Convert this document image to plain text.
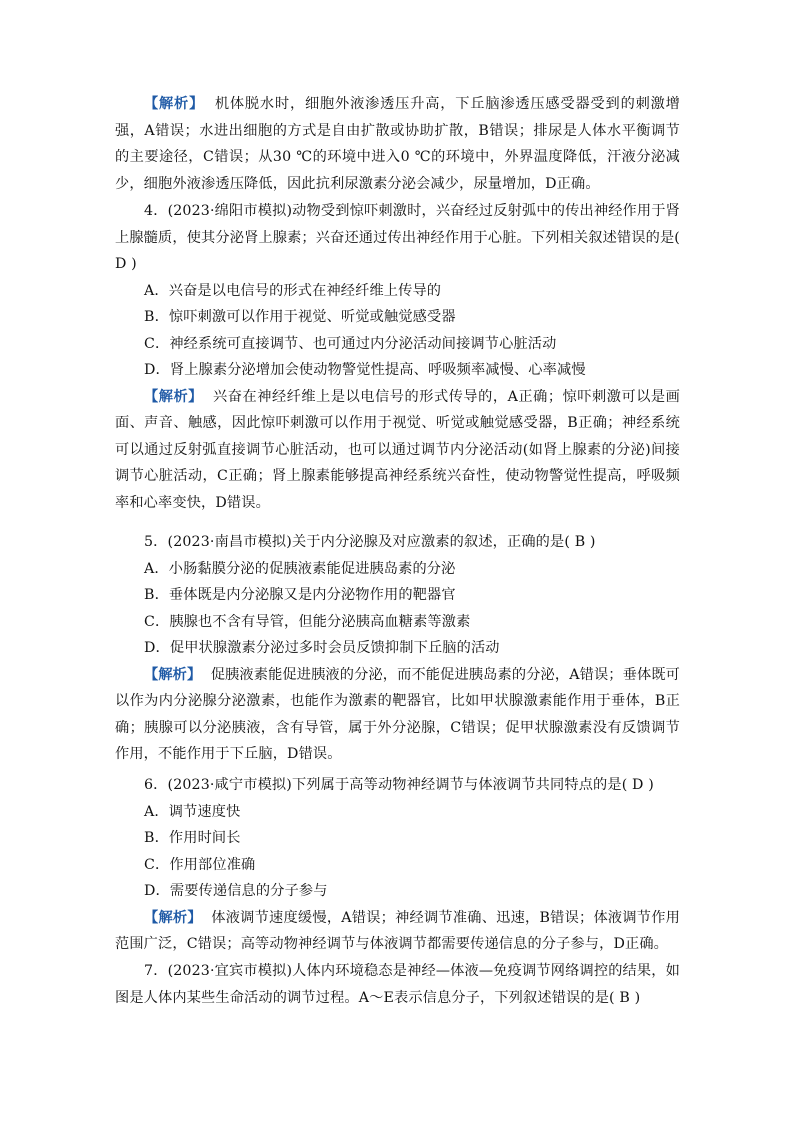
【解析】 机体脱水时，细胞外液渗透压升高，下丘脑渗透压感受器受到的刺激增强，A错误；水进出细胞的方式是自由扩散或协助扩散，B错误；排尿是人体水平衡调节的主要途径，C错误；从30 ℃的环境中进入0 ℃的环境中，外界温度降低，汗液分泌减少，细胞外液渗透压降低，因此抗利尿激素分泌会减少，尿量增加，D正确。

4．(2023·绵阳市模拟)动物受到惊吓刺激时，兴奋经过反射弧中的传出神经作用于肾上腺髓质，使其分泌肾上腺素；兴奋还通过传出神经作用于心脏。下列相关叙述错误的是( D )

A．兴奋是以电信号的形式在神经纤维上传导的

B．惊吓刺激可以作用于视觉、听觉或触觉感受器

C．神经系统可直接调节、也可通过内分泌活动间接调节心脏活动

D．肾上腺素分泌增加会使动物警觉性提高、呼吸频率减慢、心率减慢

【解析】 兴奋在神经纤维上是以电信号的形式传导的，A正确；惊吓刺激可以是画面、声音、触感，因此惊吓刺激可以作用于视觉、听觉或触觉感受器，B正确；神经系统可以通过反射弧直接调节心脏活动，也可以通过调节内分泌活动(如肾上腺素的分泌)间接调节心脏活动，C正确；肾上腺素能够提高神经系统兴奋性，使动物警觉性提高，呼吸频率和心率变快，D错误。

5．(2023·南昌市模拟)关于内分泌腺及对应激素的叙述，正确的是( B )

A．小肠黏膜分泌的促胰液素能促进胰岛素的分泌

B．垂体既是内分泌腺又是内分泌物作用的靶器官

C．胰腺也不含有导管，但能分泌胰高血糖素等激素

D．促甲状腺激素分泌过多时会员反馈抑制下丘脑的活动

【解析】 促胰液素能促进胰液的分泌，而不能促进胰岛素的分泌，A错误；垂体既可以作为内分泌腺分泌激素，也能作为激素的靶器官，比如甲状腺激素能作用于垂体，B正确；胰腺可以分泌胰液，含有导管，属于外分泌腺，C错误；促甲状腺激素没有反馈调节作用，不能作用于下丘脑，D错误。

6．(2023·咸宁市模拟)下列属于高等动物神经调节与体液调节共同特点的是( D )

A．调节速度快

B．作用时间长

C．作用部位准确

D．需要传递信息的分子参与

【解析】 体液调节速度缓慢，A错误；神经调节准确、迅速，B错误；体液调节作用范围广泛，C错误；高等动物神经调节与体液调节都需要传递信息的分子参与，D正确。

7．(2023·宜宾市模拟)人体内环境稳态是神经—体液—免疫调节网络调控的结果，如图是人体内某些生命活动的调节过程。A～E表示信息分子，下列叙述错误的是( B )
